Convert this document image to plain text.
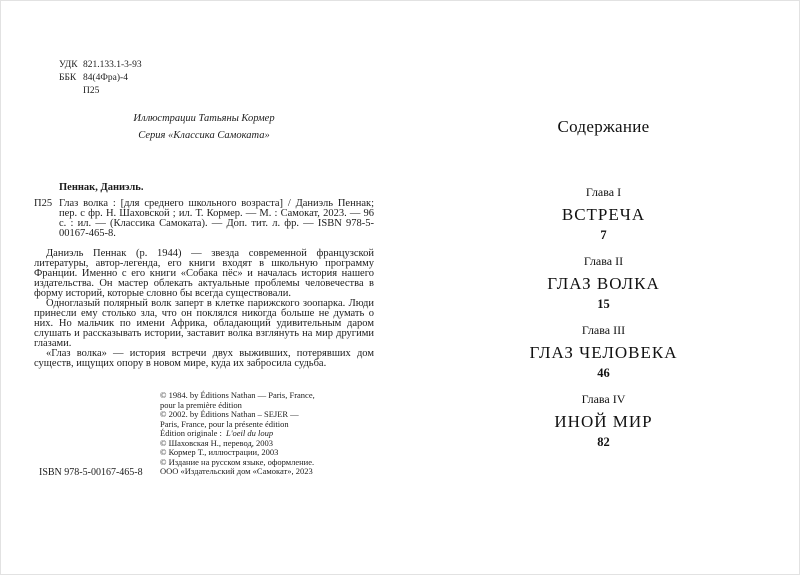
УДК 821.133.1-3-93
ББК 84(4Фра)-4
П25
Иллюстрации Татьяны Кормер
Серия «Классика Самоката»
Пеннак, Даниэль.
П25 Глаз волка : [для среднего школьного возраста] / Даниэль Пеннак; пер. с фр. Н. Шаховской ; ил. Т. Кормер. — М. : Самокат, 2023. — 96 с. : ил. — (Классика Самоката). — Доп. тит. л. фр. — ISBN 978-5-00167-465-8.

Даниэль Пеннак (р. 1944) — звезда современной французской литературы, автор-легенда, его книги входят в школьную программу Франции. Именно с его книги «Собака пёс» и началась история нашего издательства. Он мастер облекать актуальные проблемы человечества в форму историй, которые словно бы всегда существовали.

Одноглазый полярный волк заперт в клетке парижского зоопарка. Люди принесли ему столько зла, что он поклялся никогда больше не думать о них. Но мальчик по имени Африка, обладающий удивительным даром слушать и рассказывать истории, заставит волка взглянуть на мир другими глазами.

«Глаз волка» — история встречи двух выживших, потерявших дом существ, ищущих опору в новом мире, куда их забросила судьба.

© 1984. by Éditions Nathan — Paris, France,
pour la première édition
© 2002. by Éditions Nathan – SEJER —
Paris, France, pour la présente édition
Édition originale : L'oeil du loup
© Шаховская Н., перевод, 2003
© Кормер Т., иллюстрации, 2003
© Издание на русском языке, оформление.
ООО «Издательский дом «Самокат», 2023
ISBN 978-5-00167-465-8
Содержание
Глава I
ВСТРЕЧА
7
Глава II
ГЛАЗ ВОЛКА
15
Глава III
ГЛАЗ ЧЕЛОВЕКА
46
Глава IV
ИНОЙ МИР
82
